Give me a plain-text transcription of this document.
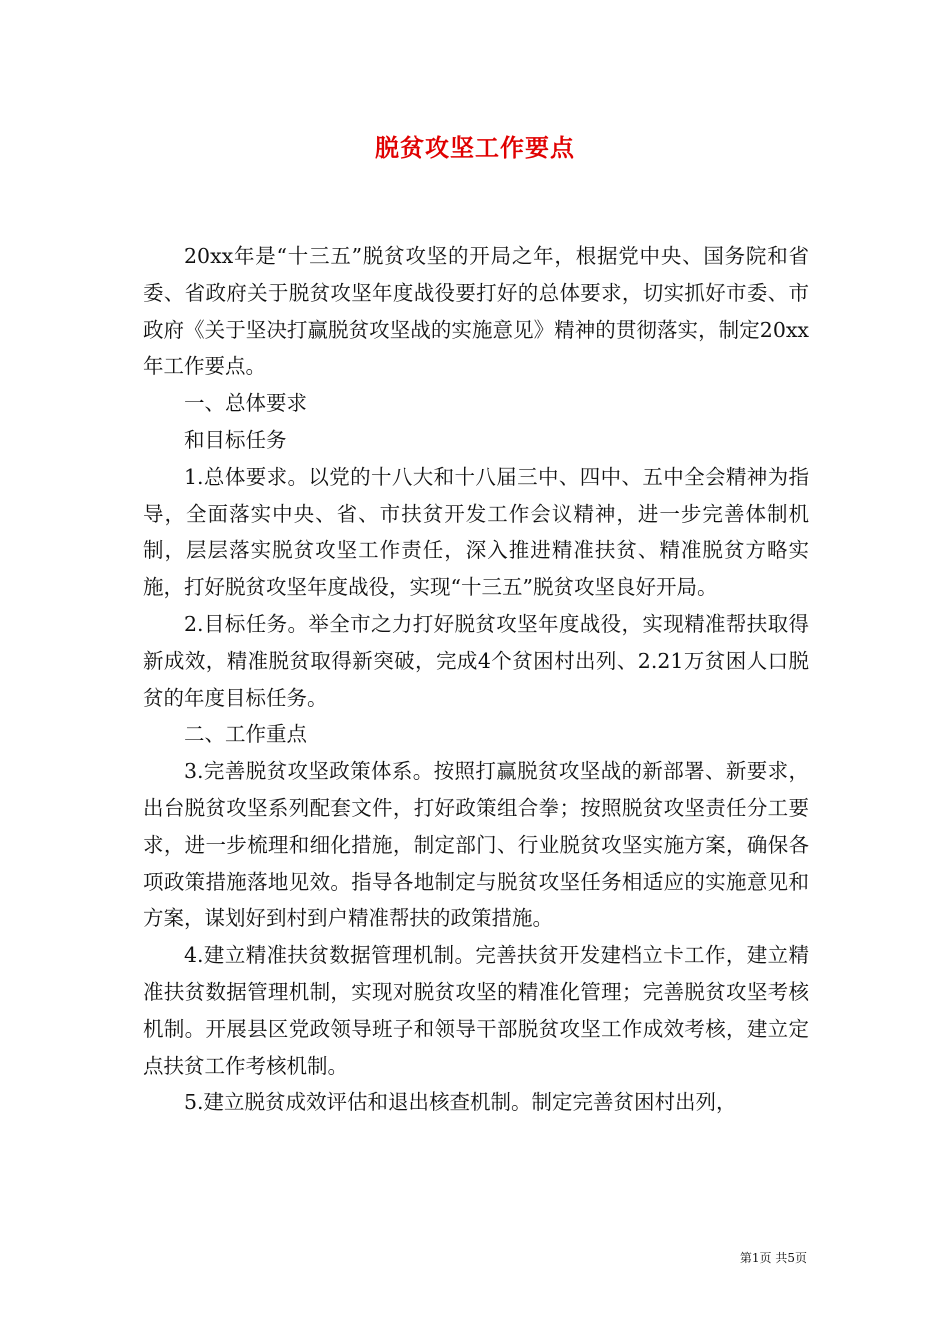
脱贫攻坚工作要点

20xx年是“十三五”脱贫攻坚的开局之年，根据党中央、国务院和省委、省政府关于脱贫攻坚年度战役要打好的总体要求，切实抓好市委、市政府《关于坚决打赢脱贫攻坚战的实施意见》精神的贯彻落实，制定20xx年工作要点。

一、总体要求

和目标任务

1.总体要求。以党的十八大和十八届三中、四中、五中全会精神为指导，全面落实中央、省、市扶贫开发工作会议精神，进一步完善体制机制，层层落实脱贫攻坚工作责任，深入推进精准扶贫、精准脱贫方略实施，打好脱贫攻坚年度战役，实现“十三五”脱贫攻坚良好开局。

2.目标任务。举全市之力打好脱贫攻坚年度战役，实现精准帮扶取得新成效，精准脱贫取得新突破，完成4个贫困村出列、2.21万贫困人口脱贫的年度目标任务。

二、工作重点

3.完善脱贫攻坚政策体系。按照打赢脱贫攻坚战的新部署、新要求，出台脱贫攻坚系列配套文件，打好政策组合拳；按照脱贫攻坚责任分工要求，进一步梳理和细化措施，制定部门、行业脱贫攻坚实施方案，确保各项政策措施落地见效。指导各地制定与脱贫攻坚任务相适应的实施意见和方案，谋划好到村到户精准帮扶的政策措施。

4.建立精准扶贫数据管理机制。完善扶贫开发建档立卡工作，建立精准扶贫数据管理机制，实现对脱贫攻坚的精准化管理；完善脱贫攻坚考核机制。开展县区党政领导班子和领导干部脱贫攻坚工作成效考核，建立定点扶贫工作考核机制。

5.建立脱贫成效评估和退出核查机制。制定完善贫困村出列，

第1页 共5页
